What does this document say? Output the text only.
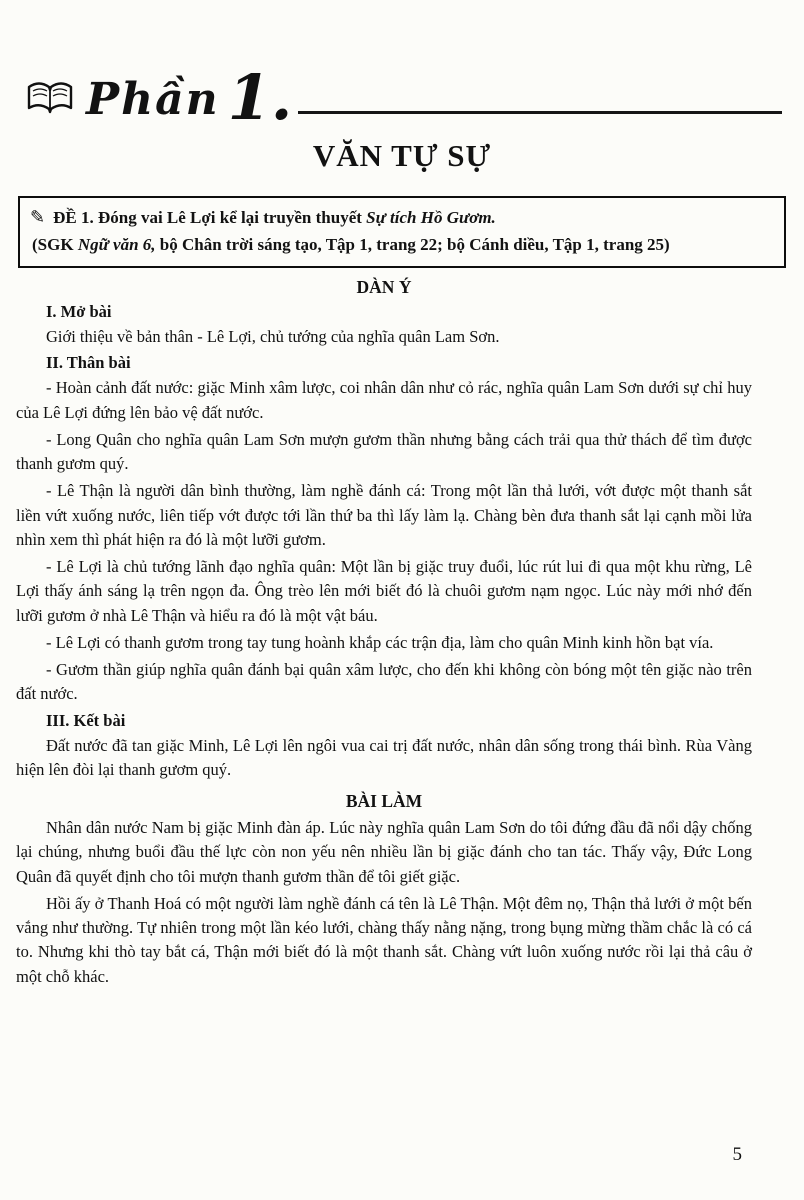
Phần 1.
VĂN TỰ SỰ
✎ ĐỀ 1. Đóng vai Lê Lợi kể lại truyền thuyết Sự tích Hồ Gươm.
(SGK Ngữ văn 6, bộ Chân trời sáng tạo, Tập 1, trang 22; bộ Cánh diều, Tập 1, trang 25)
DÀN Ý
I. Mở bài

Giới thiệu về bản thân - Lê Lợi, chủ tướng của nghĩa quân Lam Sơn.

II. Thân bài

- Hoàn cảnh đất nước: giặc Minh xâm lược, coi nhân dân như cỏ rác, nghĩa quân Lam Sơn dưới sự chỉ huy của Lê Lợi đứng lên bảo vệ đất nước.

- Long Quân cho nghĩa quân Lam Sơn mượn gươm thần nhưng bằng cách trải qua thử thách để tìm được thanh gươm quý.

- Lê Thận là người dân bình thường, làm nghề đánh cá: Trong một lần thả lưới, vớt được một thanh sắt liền vứt xuống nước, liên tiếp vớt được tới lần thứ ba thì lấy làm lạ. Chàng bèn đưa thanh sắt lại cạnh mồi lửa nhìn xem thì phát hiện ra đó là một lưỡi gươm.

- Lê Lợi là chủ tướng lãnh đạo nghĩa quân: Một lần bị giặc truy đuổi, lúc rút lui đi qua một khu rừng, Lê Lợi thấy ánh sáng lạ trên ngọn đa. Ông trèo lên mới biết đó là chuôi gươm nạm ngọc. Lúc này mới nhớ đến lưỡi gươm ở nhà Lê Thận và hiểu ra đó là một vật báu.

- Lê Lợi có thanh gươm trong tay tung hoành khắp các trận địa, làm cho quân Minh kinh hồn bạt vía.

- Gươm thần giúp nghĩa quân đánh bại quân xâm lược, cho đến khi không còn bóng một tên giặc nào trên đất nước.

III. Kết bài

Đất nước đã tan giặc Minh, Lê Lợi lên ngôi vua cai trị đất nước, nhân dân sống trong thái bình. Rùa Vàng hiện lên đòi lại thanh gươm quý.

BÀI LÀM

Nhân dân nước Nam bị giặc Minh đàn áp. Lúc này nghĩa quân Lam Sơn do tôi đứng đầu đã nổi dậy chống lại chúng, nhưng buổi đầu thế lực còn non yếu nên nhiều lần bị giặc đánh cho tan tác. Thấy vậy, Đức Long Quân đã quyết định cho tôi mượn thanh gươm thần để tôi giết giặc.

Hồi ấy ở Thanh Hoá có một người làm nghề đánh cá tên là Lê Thận. Một đêm nọ, Thận thả lưới ở một bến vắng như thường. Tự nhiên trong một lần kéo lưới, chàng thấy nằng nặng, trong bụng mừng thầm chắc là có cá to. Nhưng khi thò tay bắt cá, Thận mới biết đó là một thanh sắt. Chàng vứt luôn xuống nước rồi lại thả câu ở một chỗ khác.

5
